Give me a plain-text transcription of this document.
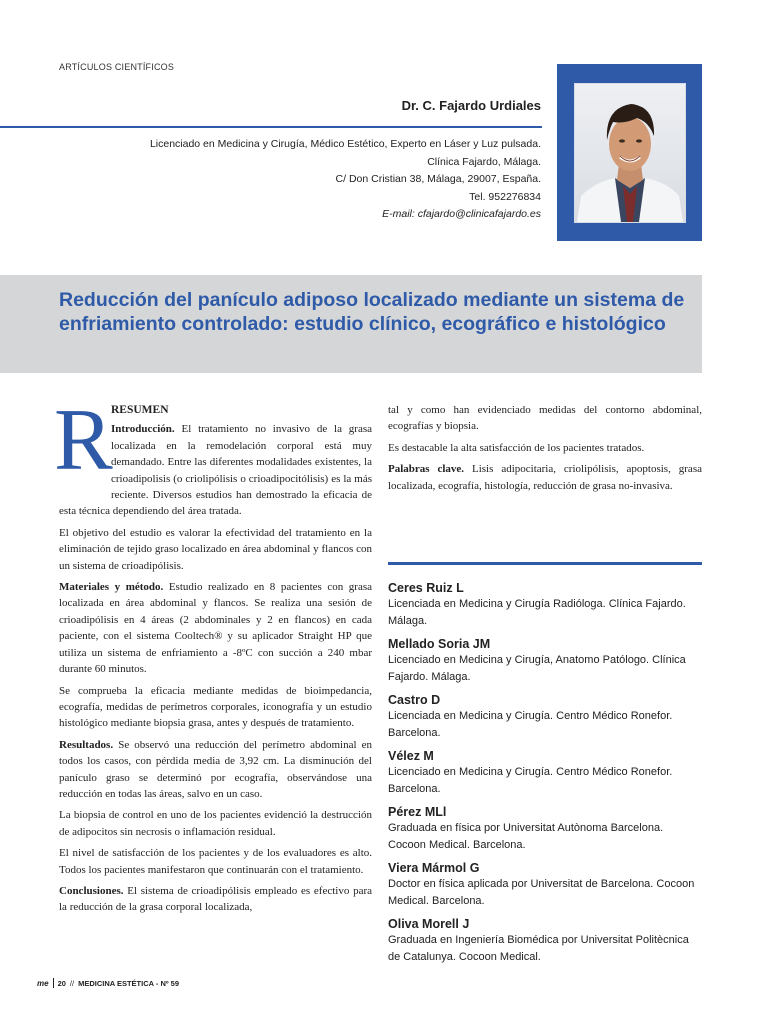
ARTÍCULOS CIENTÍFICOS
Dr. C. Fajardo Urdiales
Licenciado en Medicina y Cirugía, Médico Estético, Experto en Láser y Luz pulsada.
Clínica Fajardo, Málaga.
C/ Don Cristian 38, Málaga, 29007, España.
Tel. 952276834
E-mail: cfajardo@clinicafajardo.es
Reducción del panículo adiposo localizado mediante un sistema de enfriamiento controlado: estudio clínico, ecográfico e histológico
R
RESUMEN

Introducción. El tratamiento no invasivo de la grasa localizada en la remodelación corporal está muy demandado. Entre las diferentes modalidades existentes, la crioadipolisis (o criolipólisis o crioadipocitólisis) es la más reciente. Diversos estudios han demostrado la eficacia de esta técnica dependiendo del área tratada.

El objetivo del estudio es valorar la efectividad del tratamiento en la eliminación de tejido graso localizado en área abdominal y flancos con un sistema de crioadipólisis.

Materiales y método. Estudio realizado en 8 pacientes con grasa localizada en área abdominal y flancos. Se realiza una sesión de crioadipólisis en 4 áreas (2 abdominales y 2 en flancos) en cada paciente, con el sistema Cooltech® y su aplicador Straight HP que utiliza un sistema de enfriamiento a -8ºC con succión a 240 mbar durante 60 minutos.

Se comprueba la eficacia mediante medidas de bioimpedancia, ecografía, medidas de perímetros corporales, iconografía y un estudio histológico mediante biopsia grasa, antes y después de tratamiento.

Resultados. Se observó una reducción del perímetro abdominal en todos los casos, con pérdida media de 3,92 cm. La disminución del panículo graso se determinó por ecografía, observándose una reducción en todas las áreas, salvo en un caso.

La biopsia de control en uno de los pacientes evidenció la destrucción de adipocitos sin necrosis o inflamación residual.

El nivel de satisfacción de los pacientes y de los evaluadores es alto. Todos los pacientes manifestaron que continuarán con el tratamiento.

Conclusiones. El sistema de crioadipólisis empleado es efectivo para la reducción de la grasa corporal localizada,

tal y como han evidenciado medidas del contorno abdominal, ecografías y biopsia.

Es destacable la alta satisfacción de los pacientes tratados.

Palabras clave. Lisis adipocitaria, criolipólisis, apoptosis, grasa localizada, ecografía, histología, reducción de grasa no-invasiva.

Ceres Ruiz L
Licenciada en Medicina y Cirugía Radióloga. Clínica Fajardo. Málaga.
Mellado Soria JM
Licenciado en Medicina y Cirugía, Anatomo Patólogo. Clínica Fajardo. Málaga.
Castro D
Licenciada en Medicina y Cirugía. Centro Médico Ronefor. Barcelona.
Vélez M
Licenciado en Medicina y Cirugía. Centro Médico Ronefor. Barcelona.
Pérez MLl
Graduada en física por Universitat Autònoma Barcelona. Cocoon Medical. Barcelona.
Viera Mármol G
Doctor en física aplicada por Universitat de Barcelona. Cocoon Medical. Barcelona.
Oliva Morell J
Graduada en Ingeniería Biomédica por Universitat Politècnica de Catalunya. Cocoon Medical.
me 20 // MEDICINA ESTÉTICA - Nº 59
